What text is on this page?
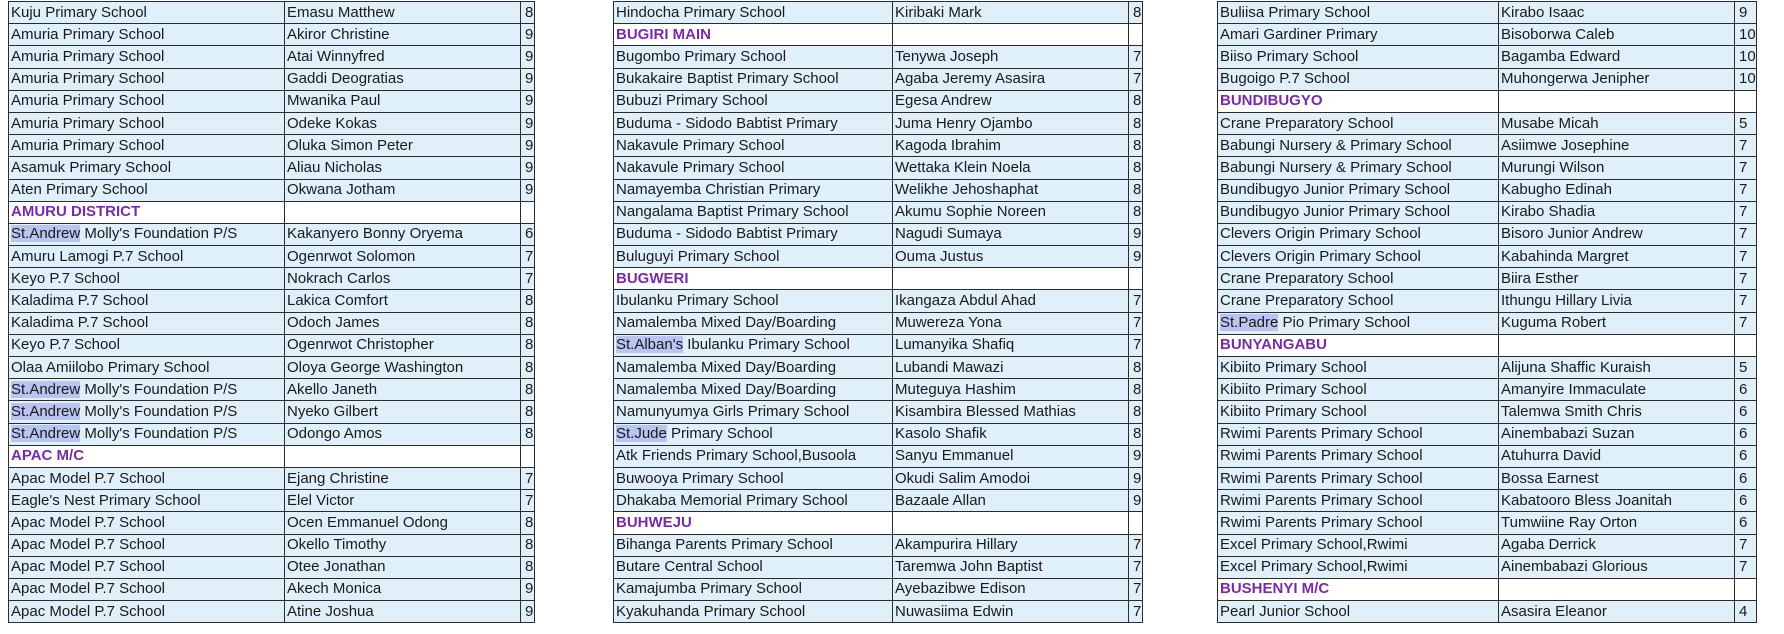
Kuju Primary School	Emasu Matthew	8
Amuria Primary School	Akiror Christine	9
Amuria Primary School	Atai Winnyfred	9
Amuria Primary School	Gaddi Deogratias	9
Amuria Primary School	Mwanika Paul	9
Amuria Primary School	Odeke Kokas	9
Amuria Primary School	Oluka Simon Peter	9
Asamuk Primary School	Aliau Nicholas	9
Aten Primary School	Okwana Jotham	9
AMURU DISTRICT		
St.Andrew Molly's Foundation P/S	Kakanyero Bonny Oryema	6
Amuru Lamogi P.7 School	Ogenrwot Solomon	7
Keyo P.7 School	Nokrach Carlos	7
Kaladima P.7 School	Lakica Comfort	8
Kaladima P.7 School	Odoch James	8
Keyo P.7 School	Ogenrwot Christopher	8
Olaa Amiilobo Primary School	Oloya George Washington	8
St.Andrew Molly's Foundation P/S	Akello Janeth	8
St.Andrew Molly's Foundation P/S	Nyeko Gilbert	8
St.Andrew Molly's Foundation P/S	Odongo Amos	8
APAC M/C		
Apac Model P.7 School	Ejang Christine	7
Eagle's Nest Primary School	Elel Victor	7
Apac Model P.7 School	Ocen Emmanuel Odong	8
Apac Model P.7 School	Okello Timothy	8
Apac Model P.7 School	Otee Jonathan	8
Apac Model P.7 School	Akech Monica	9
Apac Model P.7 School	Atine Joshua	9
Hindocha Primary School	Kiribaki Mark	8
BUGIRI MAIN		
Bugombo Primary School	Tenywa Joseph	7
Bukakaire Baptist Primary School	Agaba Jeremy Asasira	7
Bubuzi Primary School	Egesa Andrew	8
Buduma - Sidodo Babtist Primary	Juma Henry Ojambo	8
Nakavule Primary School	Kagoda Ibrahim	8
Nakavule Primary School	Wettaka Klein Noela	8
Namayemba Christian Primary	Welikhe Jehoshaphat	8
Nangalama Baptist Primary School	Akumu Sophie Noreen	8
Buduma - Sidodo Babtist Primary	Nagudi Sumaya	9
Buluguyi Primary School	Ouma Justus	9
BUGWERI		
Ibulanku Primary School	Ikangaza Abdul Ahad	7
Namalemba Mixed Day/Boarding	Muwereza Yona	7
St.Alban's Ibulanku Primary School	Lumanyika Shafiq	7
Namalemba Mixed Day/Boarding	Lubandi Mawazi	8
Namalemba Mixed Day/Boarding	Muteguya Hashim	8
Namunyumya Girls Primary School	Kisambira Blessed Mathias	8
St.Jude Primary School	Kasolo Shafik	8
Atk Friends Primary School,Busoola	Sanyu Emmanuel	9
Buwooya Primary School	Okudi Salim Amodoi	9
Dhakaba Memorial Primary School	Bazaale Allan	9
BUHWEJU		
Bihanga Parents Primary School	Akampurira Hillary	7
Butare Central School	Taremwa John Baptist	7
Kamajumba Primary School	Ayebazibwe Edison	7
Kyakuhanda Primary School	Nuwasiima Edwin	7
Buliisa Primary School	Kirabo Isaac	9
Amari Gardiner Primary	Bisoborwa Caleb	10
Biiso Primary School	Bagamba Edward	10
Bugoigo P.7 School	Muhongerwa Jenipher	10
BUNDIBUGYO		
Crane Preparatory School	Musabe Micah	5
Babungi Nursery & Primary School	Asiimwe Josephine	7
Babungi Nursery & Primary School	Murungi Wilson	7
Bundibugyo Junior Primary School	Kabugho Edinah	7
Bundibugyo Junior Primary School	Kirabo Shadia	7
Clevers Origin Primary School	Bisoro Junior Andrew	7
Clevers Origin Primary School	Kabahinda Margret	7
Crane Preparatory School	Biira Esther	7
Crane Preparatory School	Ithungu Hillary Livia	7
St.Padre Pio Primary School	Kuguma Robert	7
BUNYANGABU		
Kibiito Primary School	Alijuna Shaffic Kuraish	5
Kibiito Primary School	Amanyire Immaculate	6
Kibiito Primary School	Talemwa Smith Chris	6
Rwimi Parents Primary School	Ainembabazi Suzan	6
Rwimi Parents Primary School	Atuhurra David	6
Rwimi Parents Primary School	Bossa Earnest	6
Rwimi Parents Primary School	Kabatooro Bless Joanitah	6
Rwimi Parents Primary School	Tumwiine Ray Orton	6
Excel Primary School,Rwimi	Agaba Derrick	7
Excel Primary School,Rwimi	Ainembabazi Glorious	7
BUSHENYI M/C		
Pearl Junior School	Asasira Eleanor	4
